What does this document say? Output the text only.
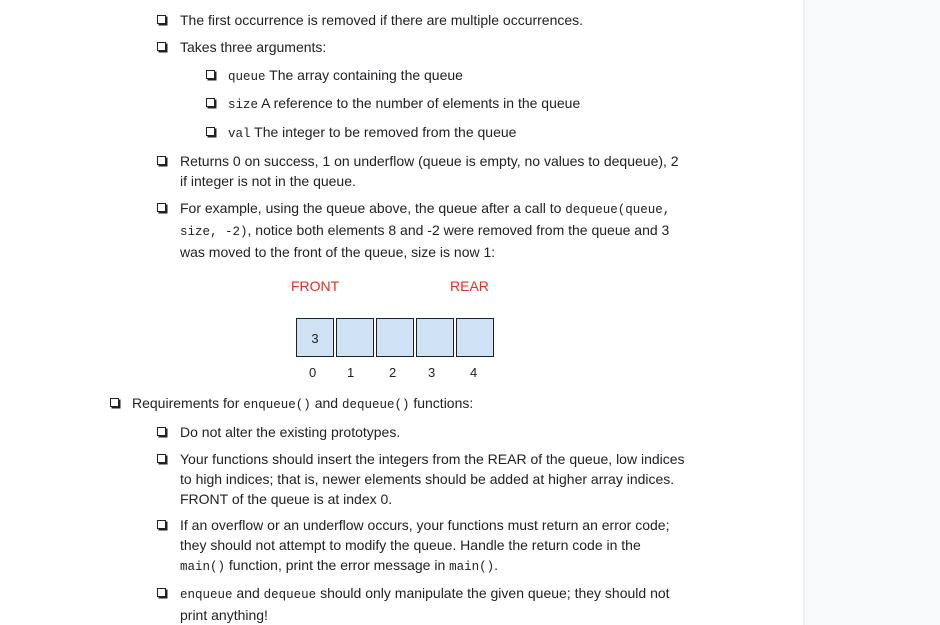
The first occurrence is removed if there are multiple occurrences.
Takes three arguments:
queue The array containing the queue
size A reference to the number of elements in the queue
val The integer to be removed from the queue
Returns 0 on success, 1 on underflow (queue is empty, no values to dequeue), 2
if integer is not in the queue.
For example, using the queue above, the queue after a call to dequeue(queue,
size, -2), notice both elements 8 and -2 were removed from the queue and 3
was moved to the front of the queue, size is now 1:
FRONT	REAR
3
0 1	2 3	4
Requirements for enqueue() and dequeue() functions:
Do not alter the existing prototypes.
Your functions should insert the integers from the REAR of the queue, low indices
to high indices; that is, newer elements should be added at higher array indices.
FRONT of the queue is at index 0.
If an overflow or an underflow occurs, your functions must return an error code;
they should not attempt to modify the queue. Handle the return code in the
main() function, print the error message in main().
enqueue and dequeue should only manipulate the given queue; they should not
print anything!
